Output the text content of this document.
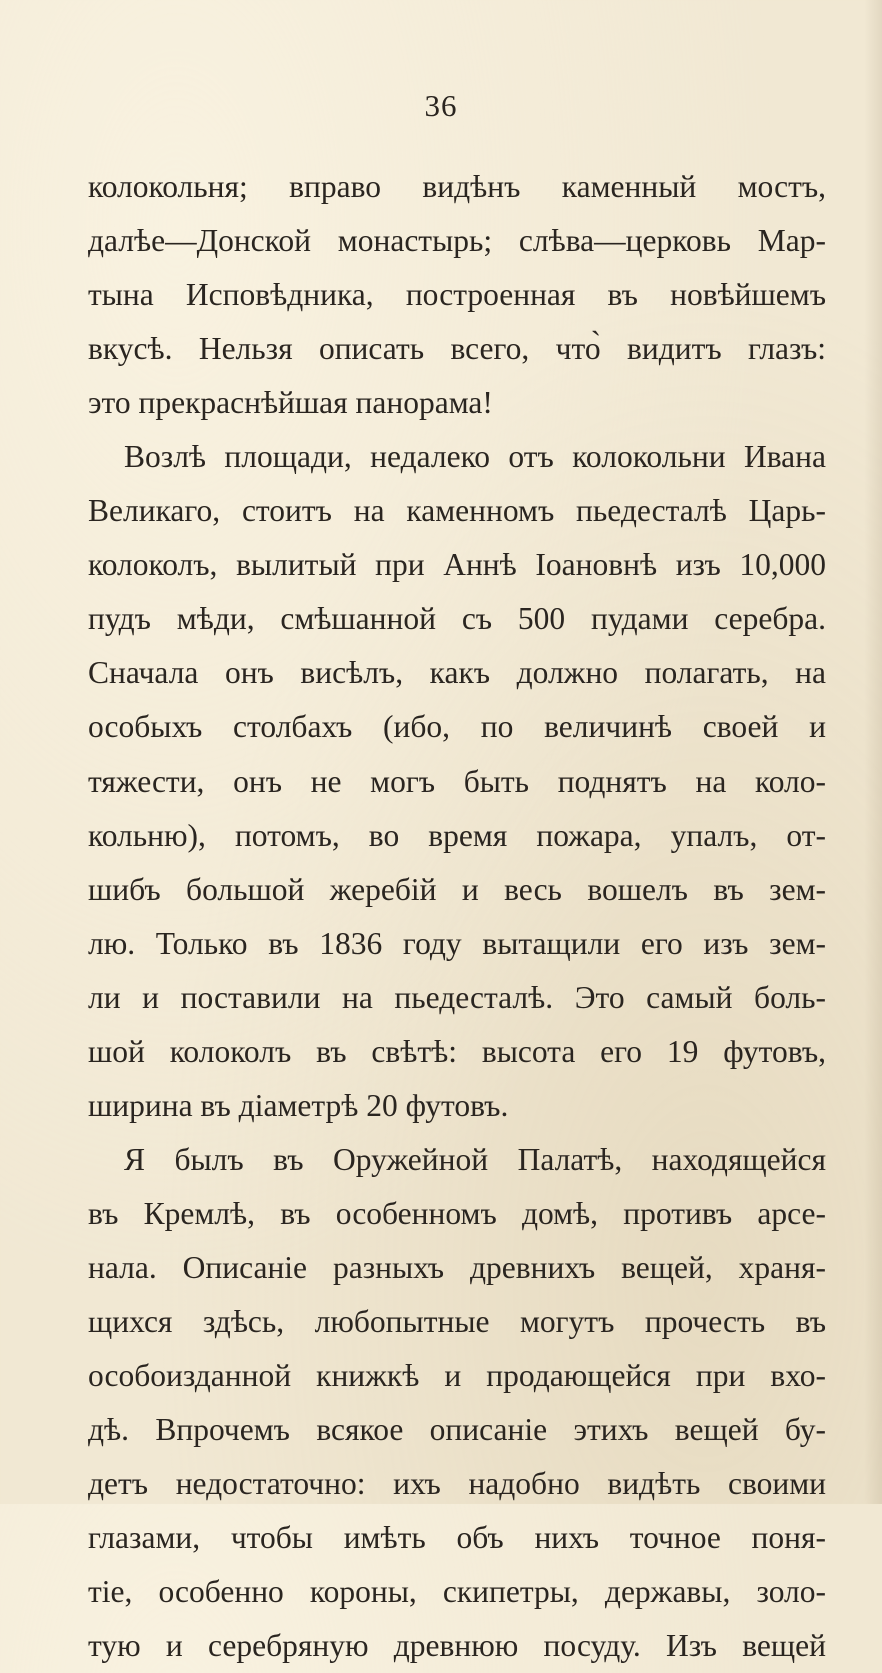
36
колокольня; вправо видѣнъ каменный мостъ,
далѣе—Донской монастырь; слѣва—церковь Мар-
тына Исповѣдника, построенная въ новѣйшемъ
вкусѣ. Нельзя описать всего, что̀ видитъ глазъ:
это прекраснѣйшая панорама!
Возлѣ площади, недалеко отъ колокольни Ивана
Великаго, стоитъ на каменномъ пьедесталѣ Царь-
колоколъ, вылитый при Аннѣ Іоановнѣ изъ 10,000
пудъ мѣди, смѣшанной съ 500 пудами серебра.
Сначала онъ висѣлъ, какъ должно полагать, на
особыхъ столбахъ (ибо, по величинѣ своей и
тяжести, онъ не могъ быть поднятъ на коло-
кольню), потомъ, во время пожара, упалъ, от-
шибъ большой жеребій и весь вошелъ въ зем-
лю. Только въ 1836 году вытащили его изъ зем-
ли и поставили на пьедесталѣ. Это самый боль-
шой колоколъ въ свѣтѣ: высота его 19 футовъ,
ширина въ діаметрѣ 20 футовъ.
Я былъ въ Оружейной Палатѣ, находящейся
въ Кремлѣ, въ особенномъ домѣ, противъ арсе-
нала. Описаніе разныхъ древнихъ вещей, храня-
щихся здѣсь, любопытные могутъ прочесть въ
особоизданной книжкѣ и продающейся при вхо-
дѣ. Впрочемъ всякое описаніе этихъ вещей бу-
детъ недостаточно: ихъ надобно видѣть своими
глазами, чтобы имѣть объ нихъ точное поня-
тіе, особенно короны, скипетры, державы, золо-
тую и серебряную древнюю посуду. Изъ вещей
